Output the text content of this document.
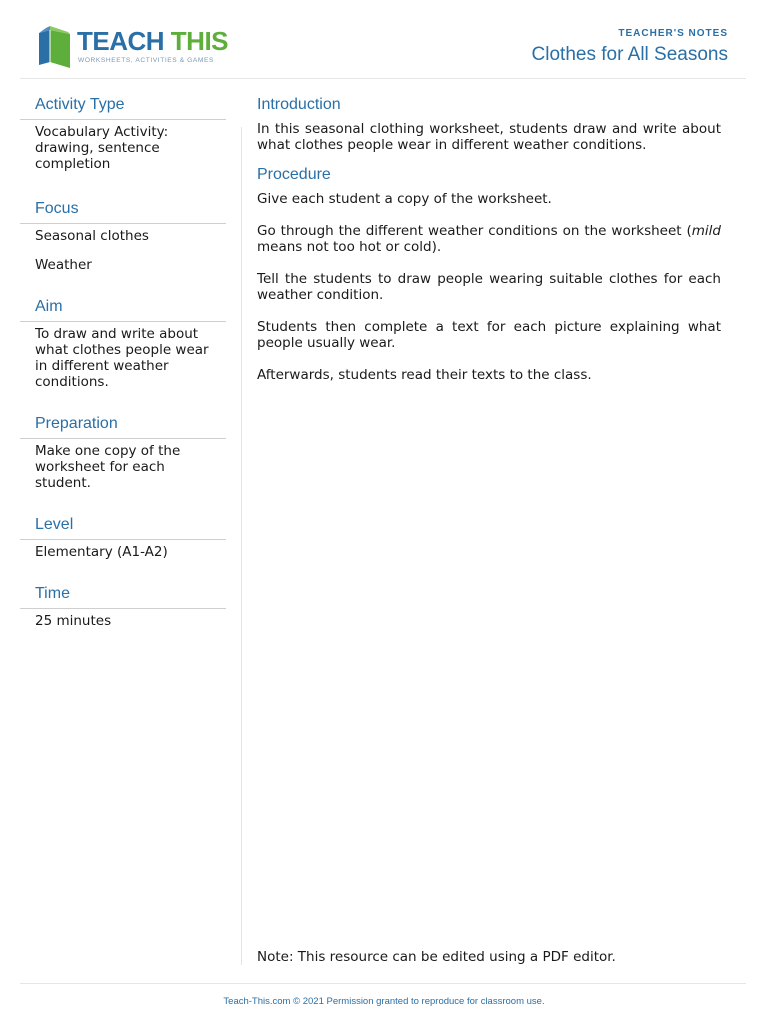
TEACH THIS
WORKSHEETS, ACTIVITIES & GAMES
TEACHER'S NOTES
Clothes for All Seasons
Activity Type

Vocabulary Activity: drawing, sentence completion

Focus

Seasonal clothes

Weather

Aim

To draw and write about what clothes people wear in different weather conditions.

Preparation

Make one copy of the worksheet for each student.

Level

Elementary (A1-A2)

Time

25 minutes

Introduction

In this seasonal clothing worksheet, students draw and write about what clothes people wear in different weather conditions.

Procedure

Give each student a copy of the worksheet.

Go through the different weather conditions on the worksheet (mild means not too hot or cold).

Tell the students to draw people wearing suitable clothes for each weather condition.

Students then complete a text for each picture explaining what people usually wear.

Afterwards, students read their texts to the class.

Note: This resource can be edited using a PDF editor.
Teach-This.com © 2021 Permission granted to reproduce for classroom use.
